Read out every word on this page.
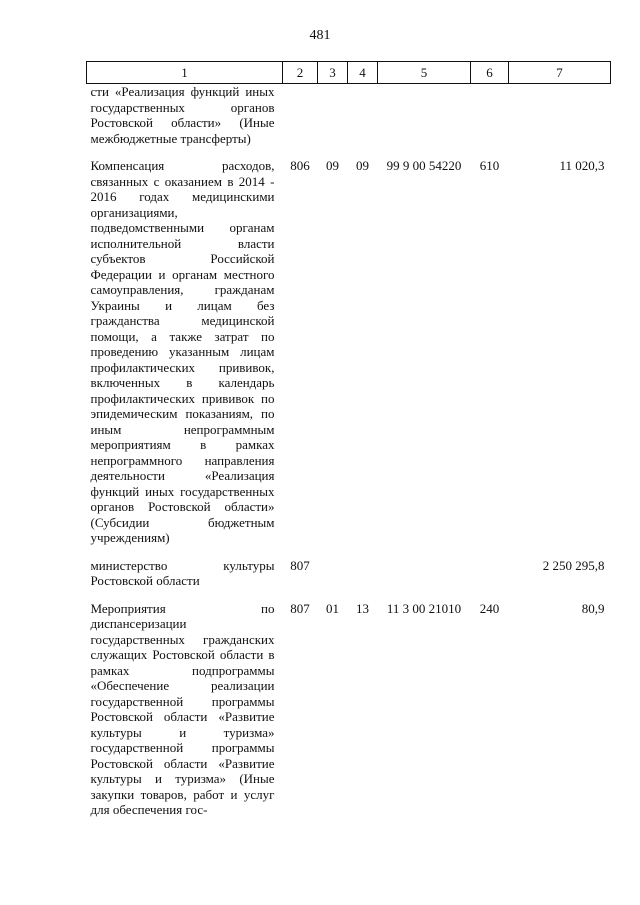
481
1	2	3	4	5	6	7
сти «Реализация функций иных государственных органов Ростовской области» (Иные межбюджетные трансферты)						
Компенсация расходов, связанных с оказанием в 2014 - 2016 годах медицинскими организациями, подведомственными органам исполнительной власти субъектов Российской Федерации и органам местного самоуправления, гражданам Украины и лицам без гражданства медицинской помощи, а также затрат по проведению указанным лицам профилактических прививок, включенных в календарь профилактических прививок по эпидемическим показаниям, по иным непрограммным мероприятиям в рамках непрограммного направления деятельности «Реализация функций иных государственных органов Ростовской области» (Субсидии бюджетным учреждениям)	806	09	09	99 9 00 54220	610	11 020,3
министерство культуры Ростовской области	807					2 250 295,8
Мероприятия по диспансеризации государственных гражданских служащих Ростовской области в рамках подпрограммы «Обеспечение реализации государственной программы Ростовской области «Развитие культуры и туризма» государственной программы Ростовской области «Развитие культуры и туризма» (Иные закупки товаров, работ и услуг для обеспечения гос-	807	01	13	11 3 00 21010	240	80,9
